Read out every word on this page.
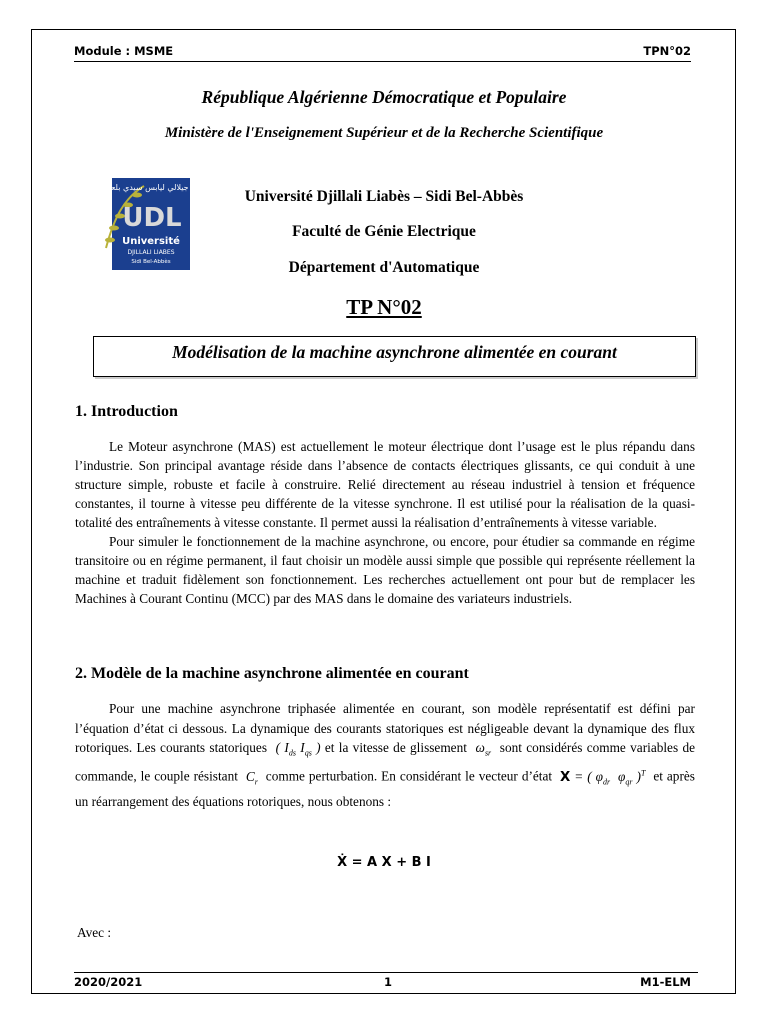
Module : MSME	TPN°02
République Algérienne Démocratique et Populaire
Ministère de l'Enseignement Supérieur et de la Recherche Scientifique
جامعة جيلالي ليابس سيدي بلعباس
UDL
Université
DJILLALI LIABES
Sidi Bel-Abbès
Université Djillali Liabès – Sidi Bel-Abbès
Faculté de Génie Electrique
Département d'Automatique
TP N°02
Modélisation de la machine asynchrone alimentée en courant
1. Introduction

Le Moteur asynchrone (MAS) est actuellement le moteur électrique dont l’usage est le plus répandu dans l’industrie. Son principal avantage réside dans l’absence de contacts électriques glissants, ce qui conduit à une structure simple, robuste et facile à construire. Relié directement au réseau industriel à tension et fréquence constantes, il tourne à vitesse peu différente de la vitesse synchrone. Il est utilisé pour la réalisation de la quasi-totalité des entraînements à vitesse constante. Il permet aussi la réalisation d’entraînements à vitesse variable.

Pour simuler le fonctionnement de la machine asynchrone, ou encore, pour étudier sa commande en régime transitoire ou en régime permanent, il faut choisir un modèle aussi simple que possible qui représente réellement la machine et traduit fidèlement son fonctionnement. Les recherches actuellement ont pour but de remplacer les Machines à Courant Continu (MCC) par des MAS dans le domaine des variateurs industriels.

2. Modèle de la machine asynchrone alimentée en courant

Pour une machine asynchrone triphasée alimentée en courant, son modèle représentatif est défini par l’équation d’état ci dessous. La dynamique des courants statoriques est négligeable devant la dynamique des flux rotoriques. Les courants statoriques  ( $I_{ds}$ $I_{qs}$ ) et la vitesse de glissement  $\omega_{sr}$ sont considérés comme variables de commande, le couple résistant  $C_r$ comme perturbation. En considérant le vecteur d’état X = ( $\varphi_{dr}$  $\varphi_{qr}$ )$^T$ et après un réarrangement des équations rotoriques, nous obtenons :

Ẋ = A X + B I
Avec :
2020/2021	1	M1-ELM
